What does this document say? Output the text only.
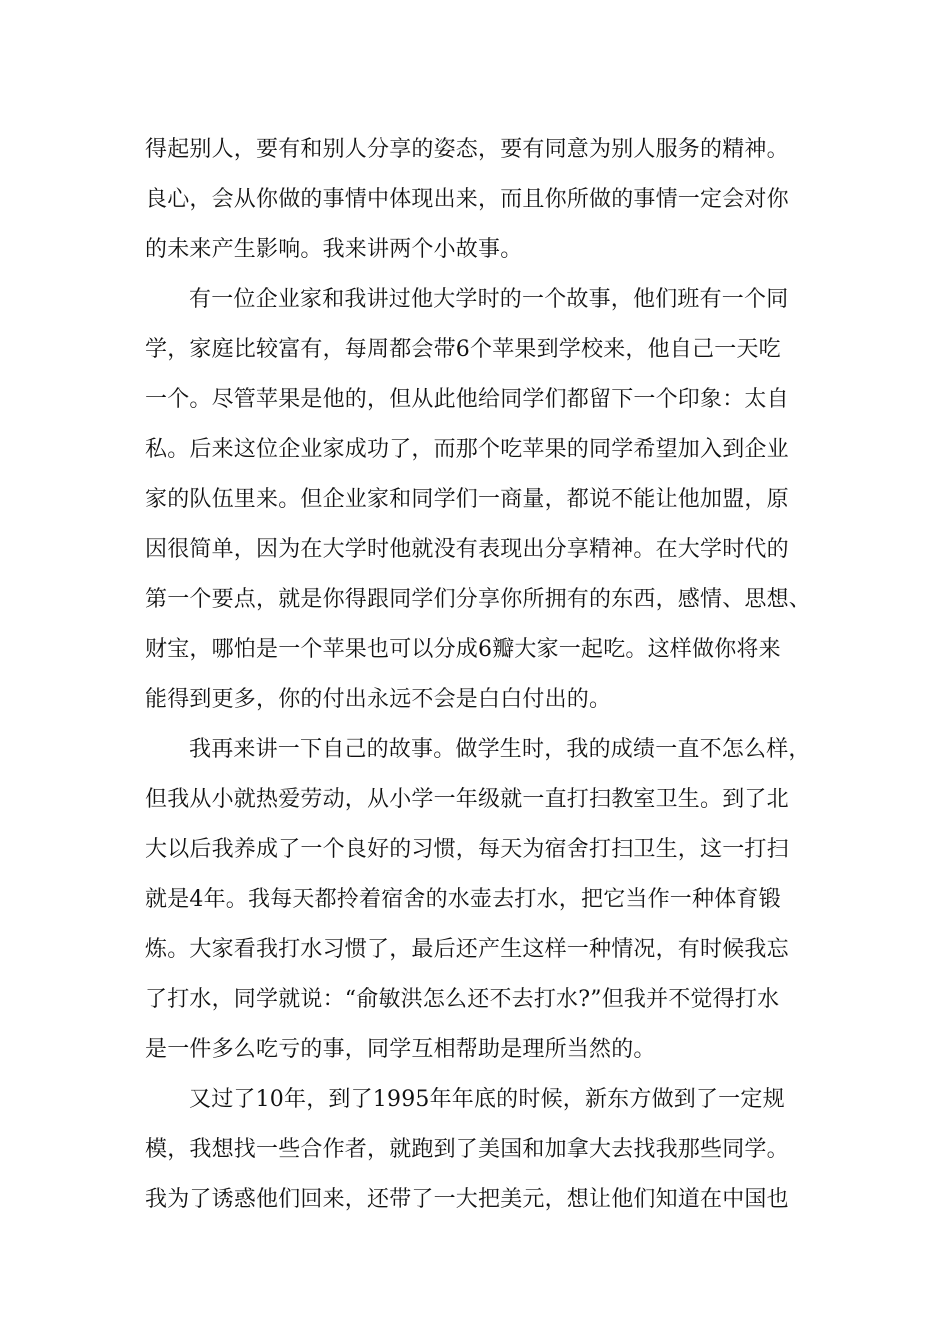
得起别人，要有和别人分享的姿态，要有同意为别人服务的精神。
良心，会从你做的事情中体现出来，而且你所做的事情一定会对你
的未来产生影响。我来讲两个小故事。
有一位企业家和我讲过他大学时的一个故事，他们班有一个同
学，家庭比较富有，每周都会带6个苹果到学校来，他自己一天吃
一个。尽管苹果是他的，但从此他给同学们都留下一个印象：太自
私。后来这位企业家成功了，而那个吃苹果的同学希望加入到企业
家的队伍里来。但企业家和同学们一商量，都说不能让他加盟，原
因很简单，因为在大学时他就没有表现出分享精神。在大学时代的
第一个要点，就是你得跟同学们分享你所拥有的东西，感情、思想、
财宝，哪怕是一个苹果也可以分成6瓣大家一起吃。这样做你将来
能得到更多，你的付出永远不会是白白付出的。
我再来讲一下自己的故事。做学生时，我的成绩一直不怎么样，
但我从小就热爱劳动，从小学一年级就一直打扫教室卫生。到了北
大以后我养成了一个良好的习惯，每天为宿舍打扫卫生，这一打扫
就是4年。我每天都拎着宿舍的水壶去打水，把它当作一种体育锻
炼。大家看我打水习惯了，最后还产生这样一种情况，有时候我忘
了打水，同学就说：“俞敏洪怎么还不去打水?”但我并不觉得打水
是一件多么吃亏的事，同学互相帮助是理所当然的。
又过了10年，到了1995年年底的时候，新东方做到了一定规
模，我想找一些合作者，就跑到了美国和加拿大去找我那些同学。
我为了诱惑他们回来，还带了一大把美元，想让他们知道在中国也
